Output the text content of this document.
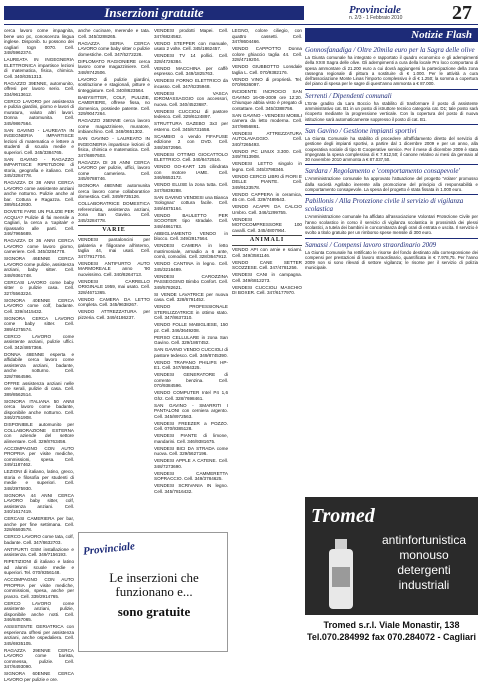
Inserzioni gratuite	Provinciale
n. 2/3 - 1 Febbraio 2010 27

cerca lavoro come impagnita, bene uso pc, conoscenza lingua inglese. Disponib. tu possono dei cagliari togn 0070. Cell. 348/5962374.

LAUREATA IN INGEGNERIA ELETTRONICA impartisce lezioni di matematica, fisica, chimica. Cell. 340/6351313.

RAGAZZO 39ENNE, automunito, offresi per lavoro serio. Cell. 334/9613612.

CERCO LAVORO per assistenza e pulizia giardini, giorno e lavori di muratura, valuto altri lavori. Donna automunita. Cell. 345/9867564.

SAN GAVINO - LAUREATA IN INGEGNERIA IMPARTISCE lezioni di matematica e lettere a studenti di scuola medie e superiori. Cell. 345/3384765.

SAN GAVINO - RAGAZZO IMPARTISCE RIPETIZIONI di storia, geografia e italiano. Cell. 345/3284778.

RAGAZZA DI 38 ANNI CERCA LAVORO come assistente anziani anche notturno. Pulizie anche al bar. Cottura e Ragazza. Cell. 389/5142930.

DOVETE FARE UN PULIZIE PER ACQUA? Pulizie di fai mensile a Cagliari, la cerca a 'capitale' e ripassarlo alle parti. Cell. 346/7965689.

RAGAZZA DI 36 ANNI CERCA LAVORO come lavoro giorno, cameriere. Cell. 345/3284778.

SIGNORA 46ENNE CERCA LAVORO come pulizie, assistenza anziani, baby sitter. Cell. 348/9361748.

CERCASI LAVORO come baby sitter o pulizie casa. Cell. 327/5563224.

SIGNORA 40ENNE CERCA LAVORO come colf, badante. Cell. 339/4415432.

SIGNORA CERCA LAVORO come baby sitter. Cell. 389/4275574.

CERCO LAVORO come assistente anziani, pulizie uffici. Cell. 342/4857366.

DONNA 48ENNE esperta e affidabile cerca lavoro come assistenza anziani, badante, anche notturno. Cell. 328/7864596.

OFFRE assistenza anziani nelle ore serali, pulizie di casa. Cell. 389/8562514.

SIGNORA ITALIANA 50 ANNI cerca lavoro come badante, disponibile anche notturno. Cell. 346/2751908.

DISPONIBILE automunito per COLLABORAZIONE ESTERNA con aziende del settore alimentare. Cell. 329/8763456.

ACCOMPAGNO CON AUTO PROPRIA per visite mediche, commissioni, spesa. Cell. 349/1187462.

LEZIONI di italiano, latino, greco, storia e filosofia per studenti di medie e superiori. Cell. 348/2975930.

SIGNORA 44 ANNI CERCA LAVORO baby sitter, colf, assistenza anziani. Cell. 340/1617419.

CERCASI CAMERIERA per bar, anche per fine settimana. Cell. 328/6593578.

CERCO LAVORO come tata, colf, badante. Cell. 347/8632703.

ANTIFURTI GSM installazione e assistenza. Cell. 349/7156193.

RIPETIZIONI di italiano e latino ad alunni scuole medie e superiori. Tel. 070/9356148.

ACCOMPAGNO CON AUTO PROPRIA per visite mediche, commissioni, spesa, anche per pranzo. Cell. 339/2914765.

CERCO LAVORO come assistente anziani, pulizie, disponibile anche notti. Cell. 346/8457065.

ASSISTENTE GERIATRICA con esperienza offresi per assistenza anziani, anche ospedaliera. Cell. 345/6935105.

RAGAZZA 29ENNE CERCA LAVORO come barista, commessa, pulizie. Cell. 347/6493090.

SIGNORA 60ENNE CERCA LAVORO per pulizie e ore.

anche cucinare, merende e tata. Cell. 345/3288265.

RAGAZZA SERIA CERCA LAVORO come baby sitter o pulizie domestiche. Cell. 347/5272226.

DIPLOMATO RAGIONIERE cerca lavoro come magazziniere. Cell. 348/8742506.

LAVORO di pulizie giardini, sostituzione e stagionali, pitture e tinteggiature. Cell. 340/8623564.

BABYSITTER, COLF, PULIZIE, CAMERIERE, offrese fissa, no domenica, possiede patente. Cell. 329/9047264.

RAGAZZO 25ENNE cerca lavoro come magazziniere, muratore, imbianchino. Cell. 348/0651302.

SAN GAVINO - LAUREATO IN INGEGNERIA impartisce lezioni di fisica, chimica e matematica. Cell. 347/6897503.

RAGAZZA DI 26 ANNI CERCA LAVORO per pulizie, uffici, lavoro come cameriera. Cell. 345/9788746.

SIGNORA 46ENNE automunita cerca lavoro come collaboratrice domestica. Cell. 349/9735126.

COLLABORATRICE DOMESTICA referenziata, assistenza anziani, zona San Gavino. Cell. 345/3284778.

VARIE

VENDESI pantaloncini per galateria e filigorane all'interno, taglia 44, mai usati. Cell. 347/7917704.

VENDESI ANTIFURTO AUTO MARMOREALE anno '90 nuovissimo. Cell. 340/8264713.

VENDESI CARRELLO ORIGINALE 1959, mai usato. Cell. 328/4671365.

VENDO CAMERA DA LETTO completa. Cell. 345/9638267.

VENDO ATTREZZATURA per pizzeria. Cell. 349/4186237.

VENDESI prodotti Mapei. Cell. 347/6824562.

VENDO STEPPER con manuale, usato 2 volte. Cell. 345/1862457.

VENDESI TV 14 pollici. Cell. 328/4726384.

VENDO MACCHINA per caffè espresso. Cell. 349/1825763.

VENDESI FORNO ELETTRICO da incasso. Cell. 347/6235948.

VENDESI VASCA IDROMASSAGGIO con accessori, nuova. Cell. 340/4523687.

VENDESI CUCCIOLI di pastore tedesco. Cell. 329/6124897.

STRUTTURA GAZEBO 3x3 per esterno. Cell. 345/6731658.

SCAMBIO o vendo FIFAFUSE edizione 2 con DVD. Cell. 348/3672956.

VENDESI OTTIMO GIOCATTOLO ELETTRICO. Cell. 340/8472516.

VENDO GO-KART 125 cilindrata con motore IAME. Cell. 346/8653172.

VENDO ELUSE la zona tutta. Cell. 347/5839288.

SAN GAVINO VENDESI una Bianca 'Solognac' cottura facile. Cell. 349/4875164.

VENDO BAULETTO PER SCOOTER tipo stradale. Cell. 348/4861783.

ABBIGLIAMENTO VENDO in blocco. Cell. 349/2917564.

VENDESI CAMERA in letto matrimoniale, armadio a 6 ante, comò, comodini. Cell. 328/3647912.

VENDO CANTINA in legno. Cell. 345/3216489.

VENDESI CAROZZINA PASSEGGINO Bimbo Confort. Cell. 349/5782621.

SI VENDE LAVATRICE per nuova casa. Cell. 328/6791452.

VENDO PROFESSIONALE STERILIZZATRICE in ottimo stato. Cell. 347/8637310.

VENDO FOLLE MABIGLIESE, 150 pz. Cell. 346/3649208.

PERSO CELLULARE in zona San Gavino. Cell. 329/1867452.

SAN GAVINO VENDO CUCCIOLI di pastore tedesco. Cell. 349/8745390.

VENDO TRAPANO PHILIPS HP-E1. Cell. 347/6984325.

VENDESI GENERATORE di corrente benzina. Cell. 070/9384596.

VENDO COMPUTER Intel P4 1,6 Ghz. Cell. 328/7698461.

SAN GAVINO - SMARRITI I PANTALONI con cerniera argento. Cell. 345/8972563.

VENDESI FREEZER a POZZO. Cell. 070/9385128.

VENDESI PIANTE di limone, mandarini. Cell. 346/9381675.

VENDESI BICI DA STRADA come nuova. Cell. 329/5627196.

VENDESI APPLE A CATENE. Cell. 348/7273690.

VENDESI CAMMERETTA SOPRACCIO. Cell. 349/3784625.

VENDESI SCRIVANIA IN legno. Cell. 345/7816432.

LEGNO, colore ciliegio, con quattro cassetti. Cell. 347/8604466.

VENDO CAPPOTTO Donna colore ghiaccio taglia 44. Cell. 328/4719204.

VENDO GIUBBOTTO Lonsdale taglia L. Cell. 070/9382176.

VENDO VINO di proprietà. Tel. 070/9536097.

INCIDENTE INCROCIO SAN GAVINO 16-09-2009 ore 12:20. Chiunque abbia visto è pregato di contattare. Cell. 345/3388756.

SAN GAVINO - VENDESI MOBILI camera da letto moderna. Cell. 347/9856861.

VENDESI ATTREZZATURA AUTOLAVAGGIO. Cell. 340/7265493.

VENDO PC LINUX 3.300. Cell. 349/7813908.

VENDESI LETTO singolo in legno. Cell. 345/3798346.

VENDO CERCO LIBRI di FIORI E DELLE PIANTE. Cell. 349/9123578.

VENDO CAPPERA in ceramica, 45 cm. Cell. 329/7489543.

VENDO ACAPPI DA CALCIO Umbro. Cell. 346/1299755.

VENDESI MOTOCOMPRESSORE 100 cavalli. Cell. 345/4807964.

ANIMALI

VENDO API con arnie e sciami. Cell. 349/3581146.

VENDO CANE SETTER SCOZZESE. Cell. 347/4781256.

VENDESI CANI in campagna. Cell. 349/6812273.

VENDESI CUCCIOLI MASCHIO DI BOXER. Cell. 347/6177970.

Notizie Flash
Gonnosfanadiga / Oltre 20mila euro per la Sagra delle olive

La Giunta comunale ha integrato e rapportato il quadro economico e gli adempimenti della XXIII Sagra delle olive. Gli adempimenti a cura della locale Pro loco comportano di spesa ammontare di 21.200 euro a cui dovrà aggiungersi la partecipazione della zona rassegna regionale di pittura a sostituire di € 1.000. Per le attività a cura dell'associazione Monte Linas l'importo complessivo è di € 1.250; la somma a copertura del piano di spesa per le sagre di quest'anno ammonta a € 87.000.

Serrenti / Dipendenti comunali

L'Ente gradito da Lara Boccio ha stabilito di trasformare il posto di assistente amministrativo cat. B1 in un posto di istruttore tecnico categoria cat. D1; tale posto sarà ricoperto mediante la progressione verticale. Con la copertura del posto di nuova istituzione sarà automaticamente soppresso il posto di cat. B1.

San Gavino / Gestione impianti sportivi

La Giunta Comunale ha stabilito di procedere all'affidamento diretto del servizio di gestione degli impianti sportivi, a partire dal 1 dicembre 2009 e per un anno, alla cooperativa sociale di tipo B Cooperative service. Per il mese di dicembre 2009 è stata impegnata la spesa complessiva di € 7.912,50; il canone relativo ai mesi da gennaio al 30 novembre 2010 ammonta a € 87.037,50.

Sardara / Regolamento e 'comportamento consapevole'

L'Amministrazione comunale ha approvato l'attuazione del progetto 'Volare' promosso dalla società Agrilabo inerente alla promozione del principio di responsabilità e comportamento consapevole. La spesa del progetto è stata fissata in 1.000 euro.

Pabillonis / Alla Protezione civile il servizio di vigilanza scolastica

L'Amministrazione comunale ha affidato all'associazione Volontari Protezione Civile per l'anno scolastico in corso il servizio di vigilanza scolastica in prossimità dei plessi scolastici, a tutela dei bambini in concomitanza degli orari di entrata e uscita. Il servizio è svolto a titolo gratuito per un rimborso spese mensile di 300 euro.

Samassi / Compensi lavoro straordinario 2009

La Giunta Comunale ha rettificato le risorse del fondo destinato alla corresponsione dei compensi per prestazioni di lavoro straordinario, quantificata in € 7.978,75. Per l'anno 2009 non si sono rilevati di settore vigilanza; le risorse per il servizio di polizia municipale.

Provinciale
Le inserzioni che funzionano e...
sono gratuite
Tromed
antinfortunistica monouso detergenti industriali
Tromed s.r.l. Viale Monastir, 138
Tel.070.284992 fax 070.284072 - Cagliari
